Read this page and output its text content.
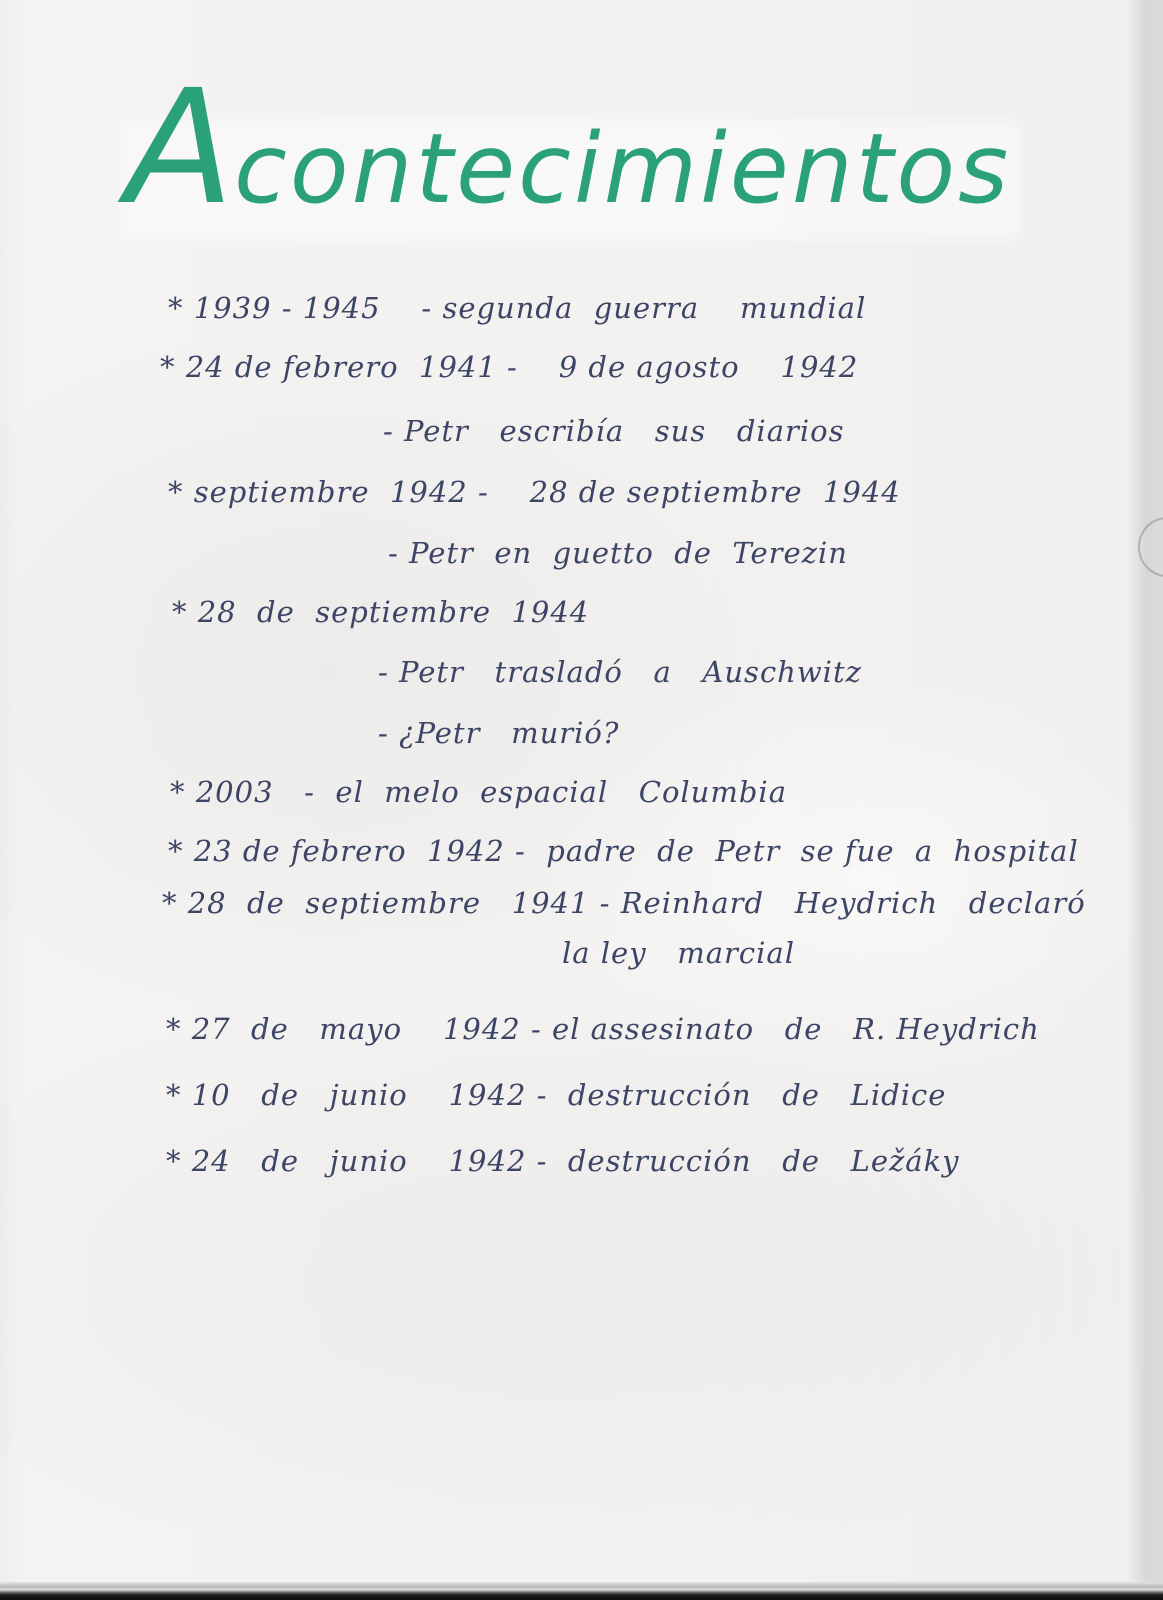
Acontecimientos
* 1939 - 1945    - segunda  guerra    mundial
* 24 de febrero  1941 -    9 de agosto    1942
- Petr   escribía   sus   diarios
* septiembre  1942 -    28 de septiembre  1944
- Petr  en  guetto  de  Terezin
* 28  de  septiembre  1944
- Petr   trasladó   a   Auschwitz
- ¿Petr   murió?
* 2003   -  el  melo  espacial   Columbia
* 23 de febrero  1942 -  padre  de  Petr  se fue  a  hospital
* 28  de  septiembre   1941 - Reinhard   Heydrich   declaró
la ley   marcial
* 27  de   mayo    1942 - el assesinato   de   R. Heydrich
* 10   de   junio    1942 -  destrucción   de   Lidice
* 24   de   junio    1942 -  destrucción   de   Ležáky
